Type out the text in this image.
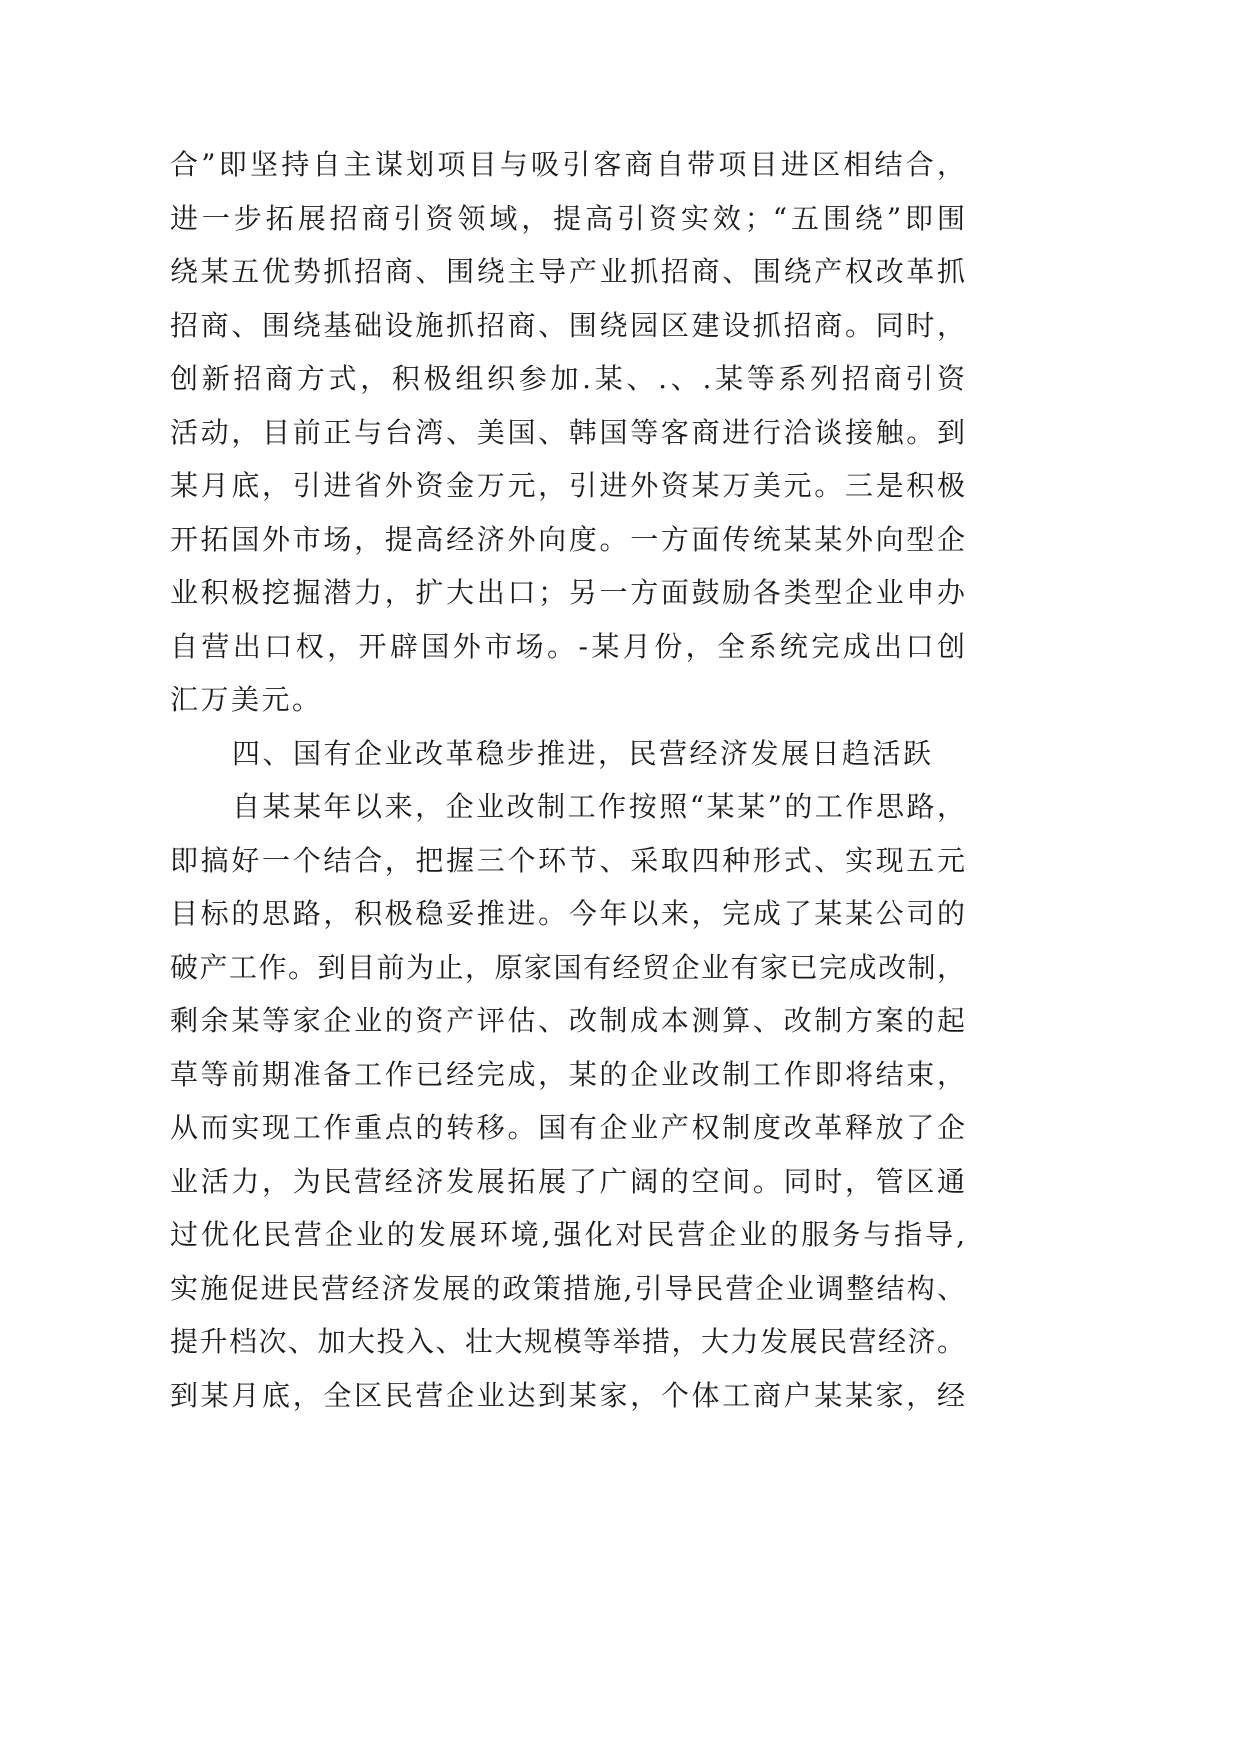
合”即坚持自主谋划项目与吸引客商自带项目进区相结合，
进一步拓展招商引资领域，提高引资实效；“五围绕”即围
绕某五优势抓招商、围绕主导产业抓招商、围绕产权改革抓
招商、围绕基础设施抓招商、围绕园区建设抓招商。同时，
创新招商方式，积极组织参加.某、.、.某等系列招商引资
活动，目前正与台湾、美国、韩国等客商进行洽谈接触。到
某月底，引进省外资金万元，引进外资某万美元。三是积极
开拓国外市场，提高经济外向度。一方面传统某某外向型企
业积极挖掘潜力，扩大出口；另一方面鼓励各类型企业申办
自营出口权，开辟国外市场。-某月份，全系统完成出口创
汇万美元。
四、国有企业改革稳步推进，民营经济发展日趋活跃
自某某年以来，企业改制工作按照“某某”的工作思路，
即搞好一个结合，把握三个环节、采取四种形式、实现五元
目标的思路，积极稳妥推进。今年以来，完成了某某公司的
破产工作。到目前为止，原家国有经贸企业有家已完成改制，
剩余某等家企业的资产评估、改制成本测算、改制方案的起
草等前期准备工作已经完成，某的企业改制工作即将结束，
从而实现工作重点的转移。国有企业产权制度改革释放了企
业活力，为民营经济发展拓展了广阔的空间。同时，管区通
过优化民营企业的发展环境,强化对民营企业的服务与指导,
实施促进民营经济发展的政策措施,引导民营企业调整结构、
提升档次、加大投入、壮大规模等举措，大力发展民营经济。
到某月底，全区民营企业达到某家，个体工商户某某家，经
